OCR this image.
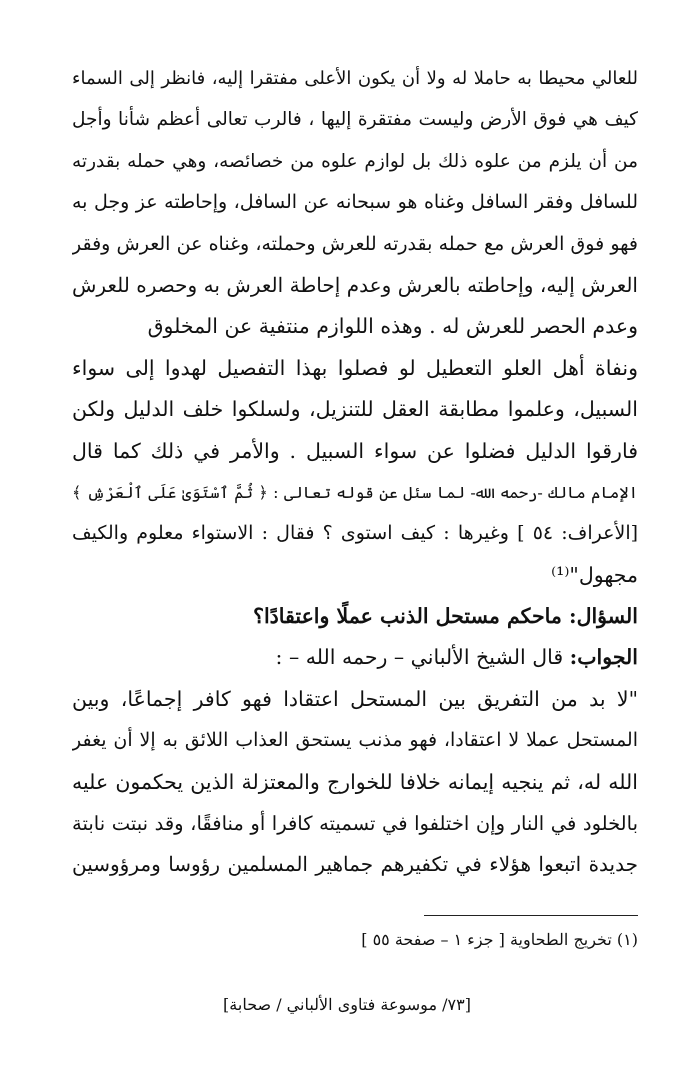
للعالي محيطا به حاملا له ولا أن يكون الأعلى مفتقرا إليه، فانظر إلى السماء
كيف هي فوق الأرض وليست مفتقرة إليها ، فالرب تعالى أعظم شأنا وأجل
من أن يلزم من علوه ذلك بل لوازم علوه من خصائصه، وهي حمله بقدرته
للسافل وفقر السافل وغناه هو سبحانه عن السافل، وإحاطته عز وجل به
فهو فوق العرش مع حمله بقدرته للعرش وحملته، وغناه عن العرش وفقر
العرش إليه، وإحاطته بالعرش وعدم إحاطة العرش به وحصره للعرش
وعدم الحصر للعرش له . وهذه اللوازم منتفية عن المخلوق
ونفاة أهل العلو التعطيل لو فصلوا بهذا التفصيل لهدوا إلى سواء
السبيل، وعلموا مطابقة العقل للتنزيل، ولسلكوا خلف الدليل ولكن
فارقوا الدليل فضلوا عن سواء السبيل . والأمر في ذلك كما قال
الإمام مالك -رحمه الله- لما سئل عن قوله تعالى : ﴿ ثُمَّ ٱسْتَوَىٰ عَلَى ٱلْعَرْشِ ﴾
[الأعراف: ٥٤ ] وغيرها : كيف استوى ؟ فقال : الاستواء معلوم والكيف
مجهول"⁽¹⁾
السؤال: ماحكم مستحل الذنب عملًا واعتقادًا؟
الجواب: قال الشيخ الألباني – رحمه الله – :
"لا بد من التفريق بين المستحل اعتقادا فهو كافر إجماعًا، وبين
المستحل عملا لا اعتقادا، فهو مذنب يستحق العذاب اللائق به إلا أن يغفر
الله له، ثم ينجيه إيمانه خلافا للخوارج والمعتزلة الذين يحكمون عليه
بالخلود في النار وإن اختلفوا في تسميته كافرا أو منافقًا، وقد نبتت نابتة
جديدة اتبعوا هؤلاء في تكفيرهم جماهير المسلمين رؤوسا ومرؤوسين
(١) تخريج الطحاوية [ جزء ١ – صفحة ٥٥ ]
[٧٣/ موسوعة فتاوى الألباني / صحابة]
